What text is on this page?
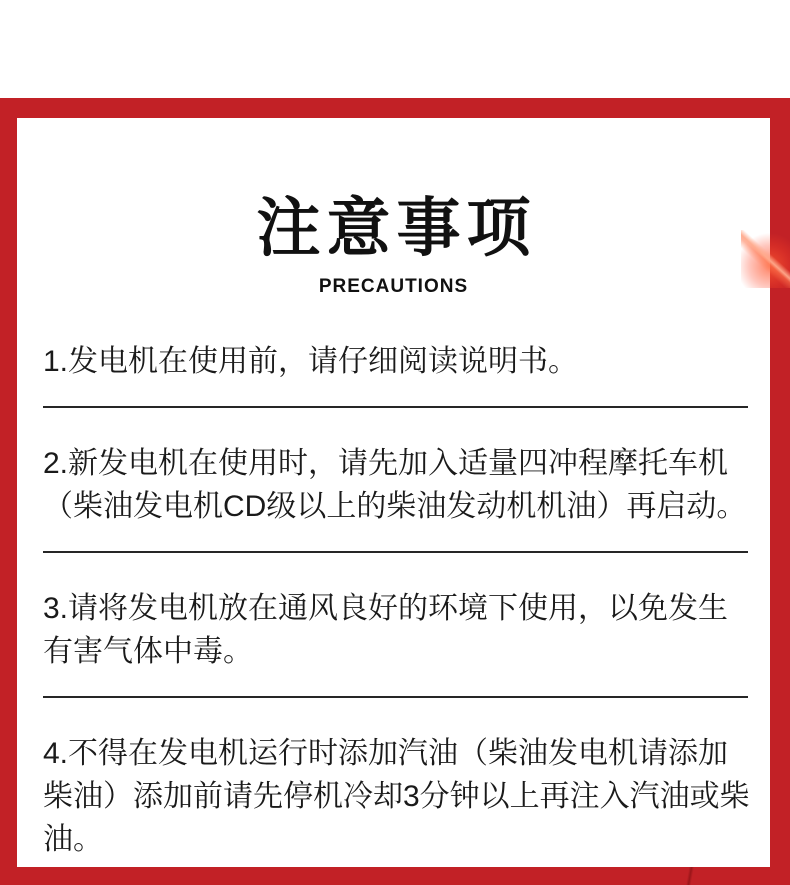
注意事项
PRECAUTIONS

1.发电机在使用前，请仔细阅读说明书。

2.新发电机在使用时，请先加入适量四冲程摩托车机（柴油发电机CD级以上的柴油发动机机油）再启动。

3.请将发电机放在通风良好的环境下使用，以免发生有害气体中毒。

4.不得在发电机运行时添加汽油（柴油发电机请添加柴油）添加前请先停机冷却3分钟以上再注入汽油或柴油。
